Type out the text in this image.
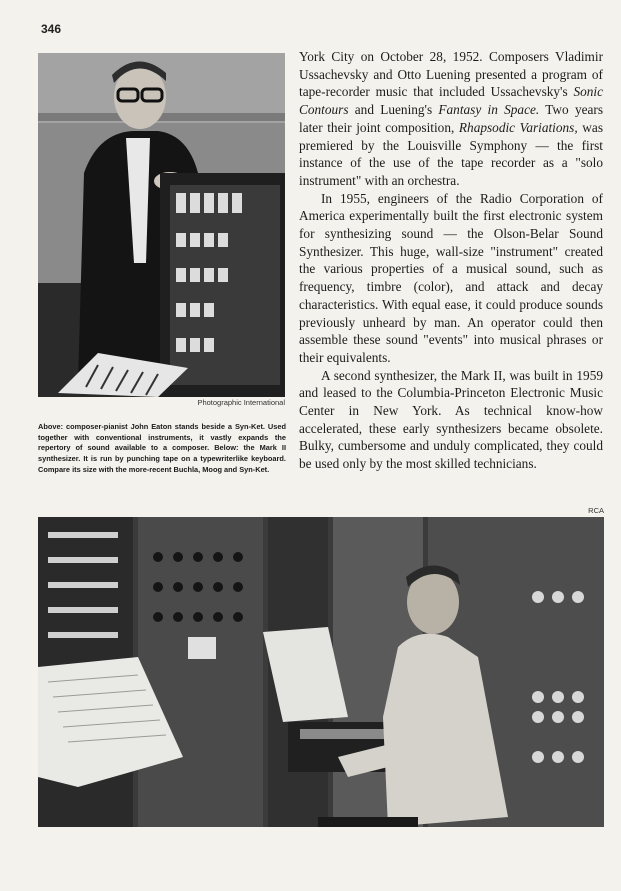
346
Photographic International
Above: composer-pianist John Eaton stands beside a Syn-Ket. Used together with conventional instruments, it vastly expands the repertory of sound available to a composer. Below: the Mark II synthesizer. It is run by punching tape on a typewriterlike keyboard. Compare its size with the more-recent Buchla, Moog and Syn-Ket.

York City on October 28, 1952. Composers Vladimir Ussachevsky and Otto Luening presented a program of tape-recorder music that included Ussachevsky's Sonic Contours and Luening's Fantasy in Space. Two years later their joint composition, Rhapsodic Variations, was premiered by the Louisville Symphony — the first instance of the use of the tape recorder as a "solo instrument" with an orchestra.

In 1955, engineers of the Radio Corporation of America experimentally built the first electronic system for synthesizing sound — the Olson-Belar Sound Synthesizer. This huge, wall-size "instrument" created the various properties of a musical sound, such as frequency, timbre (color), and attack and decay characteristics. With equal ease, it could produce sounds previously unheard by man. An operator could then assemble these sound "events" into musical phrases or their equivalents.

A second synthesizer, the Mark II, was built in 1959 and leased to the Columbia-Princeton Electronic Music Center in New York. As technical know-how accelerated, these early synthesizers became obsolete. Bulky, cumbersome and unduly complicated, they could be used only by the most skilled technicians.

RCA
